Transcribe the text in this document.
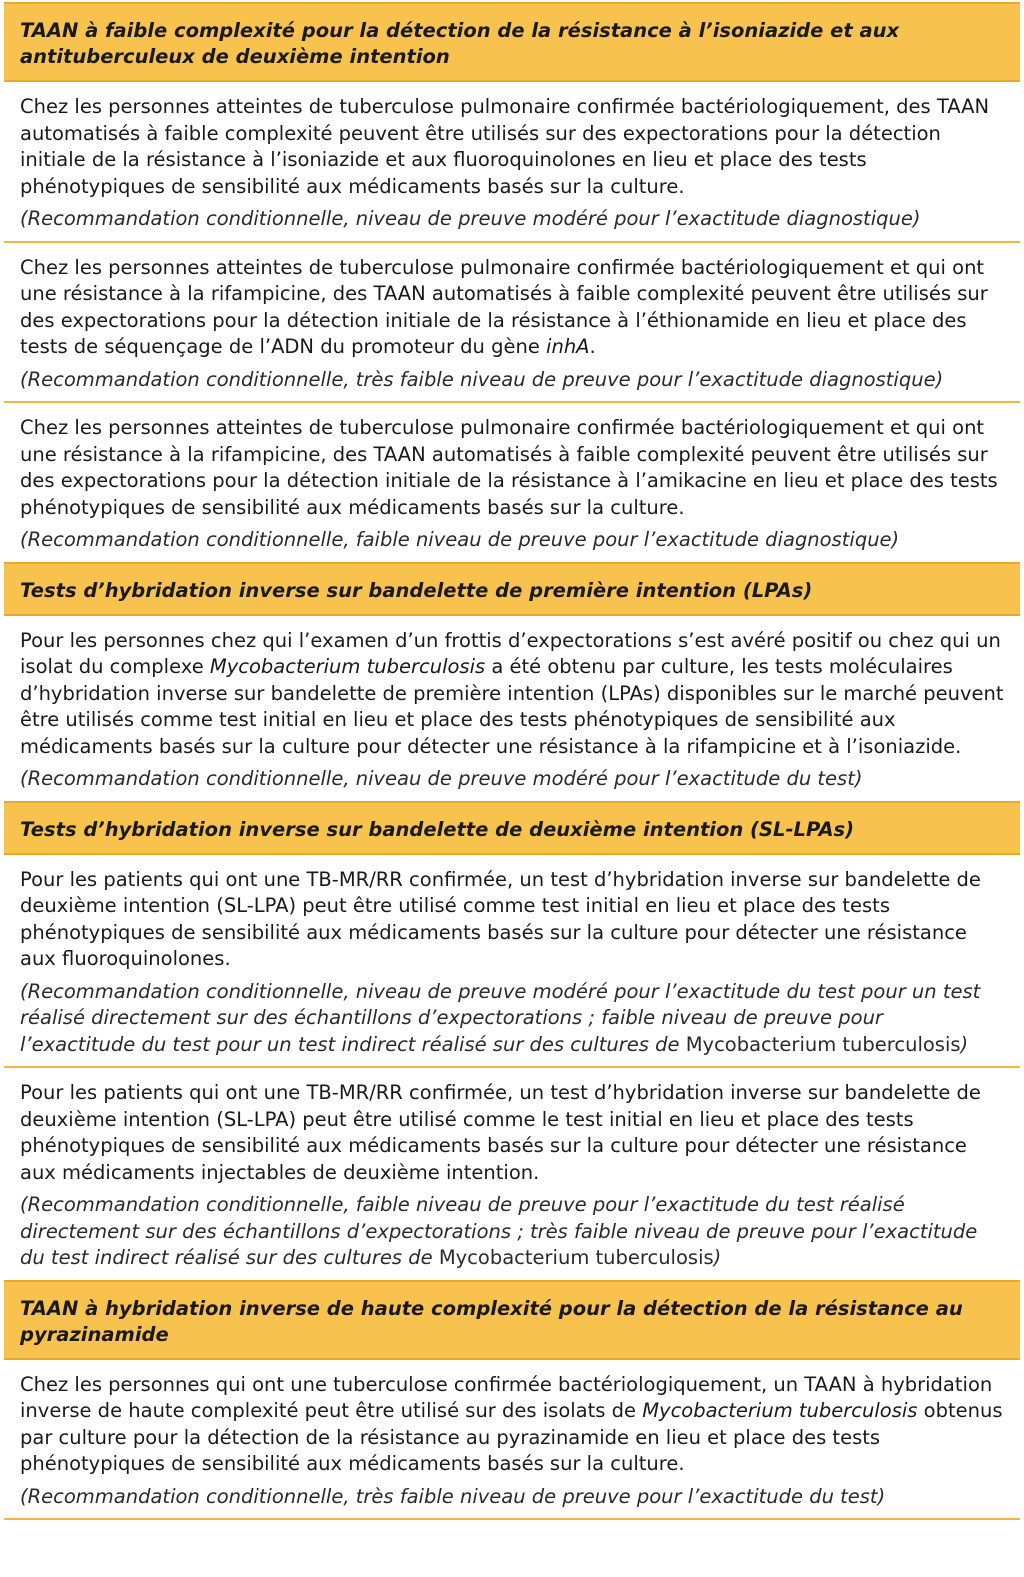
TAAN à faible complexité pour la détection de la résistance à l’isoniazide et aux antituberculeux de deuxième intention

Chez les personnes atteintes de tuberculose pulmonaire confirmée bactériologiquement, des TAAN automatisés à faible complexité peuvent être utilisés sur des expectorations pour la détection initiale de la résistance à l’isoniazide et aux fluoroquinolones en lieu et place des tests phénotypiques de sensibilité aux médicaments basés sur la culture.

(Recommandation conditionnelle, niveau de preuve modéré pour l’exactitude diagnostique)

Chez les personnes atteintes de tuberculose pulmonaire confirmée bactériologiquement et qui ont une résistance à la rifampicine, des TAAN automatisés à faible complexité peuvent être utilisés sur des expectorations pour la détection initiale de la résistance à l’éthionamide en lieu et place des tests de séquençage de l’ADN du promoteur du gène inhA.

(Recommandation conditionnelle, très faible niveau de preuve pour l’exactitude diagnostique)

Chez les personnes atteintes de tuberculose pulmonaire confirmée bactériologiquement et qui ont une résistance à la rifampicine, des TAAN automatisés à faible complexité peuvent être utilisés sur des expectorations pour la détection initiale de la résistance à l’amikacine en lieu et place des tests phénotypiques de sensibilité aux médicaments basés sur la culture.

(Recommandation conditionnelle, faible niveau de preuve pour l’exactitude diagnostique)
Tests d’hybridation inverse sur bandelette de première intention (LPAs)

Pour les personnes chez qui l’examen d’un frottis d’expectorations s’est avéré positif ou chez qui un isolat du complexe Mycobacterium tuberculosis a été obtenu par culture, les tests moléculaires d’hybridation inverse sur bandelette de première intention (LPAs) disponibles sur le marché peuvent être utilisés comme test initial en lieu et place des tests phénotypiques de sensibilité aux médicaments basés sur la culture pour détecter une résistance à la rifampicine et à l’isoniazide.

(Recommandation conditionnelle, niveau de preuve modéré pour l’exactitude du test)
Tests d’hybridation inverse sur bandelette de deuxième intention (SL-LPAs)

Pour les patients qui ont une TB-MR/RR confirmée, un test d’hybridation inverse sur bandelette de deuxième intention (SL-LPA) peut être utilisé comme test initial en lieu et place des tests phénotypiques de sensibilité aux médicaments basés sur la culture pour détecter une résistance aux fluoroquinolones.

(Recommandation conditionnelle, niveau de preuve modéré pour l’exactitude du test pour un test réalisé directement sur des échantillons d’expectorations ; faible niveau de preuve pour l’exactitude du test pour un test indirect réalisé sur des cultures de Mycobacterium tuberculosis)

Pour les patients qui ont une TB-MR/RR confirmée, un test d’hybridation inverse sur bandelette de deuxième intention (SL-LPA) peut être utilisé comme le test initial en lieu et place des tests phénotypiques de sensibilité aux médicaments basés sur la culture pour détecter une résistance aux médicaments injectables de deuxième intention.

(Recommandation conditionnelle, faible niveau de preuve pour l’exactitude du test réalisé directement sur des échantillons d’expectorations ; très faible niveau de preuve pour l’exactitude du test indirect réalisé sur des cultures de Mycobacterium tuberculosis)
TAAN à hybridation inverse de haute complexité pour la détection de la résistance au pyrazinamide

Chez les personnes qui ont une tuberculose confirmée bactériologiquement, un TAAN à hybridation inverse de haute complexité peut être utilisé sur des isolats de Mycobacterium tuberculosis obtenus par culture pour la détection de la résistance au pyrazinamide en lieu et place des tests phénotypiques de sensibilité aux médicaments basés sur la culture.

(Recommandation conditionnelle, très faible niveau de preuve pour l’exactitude du test)
